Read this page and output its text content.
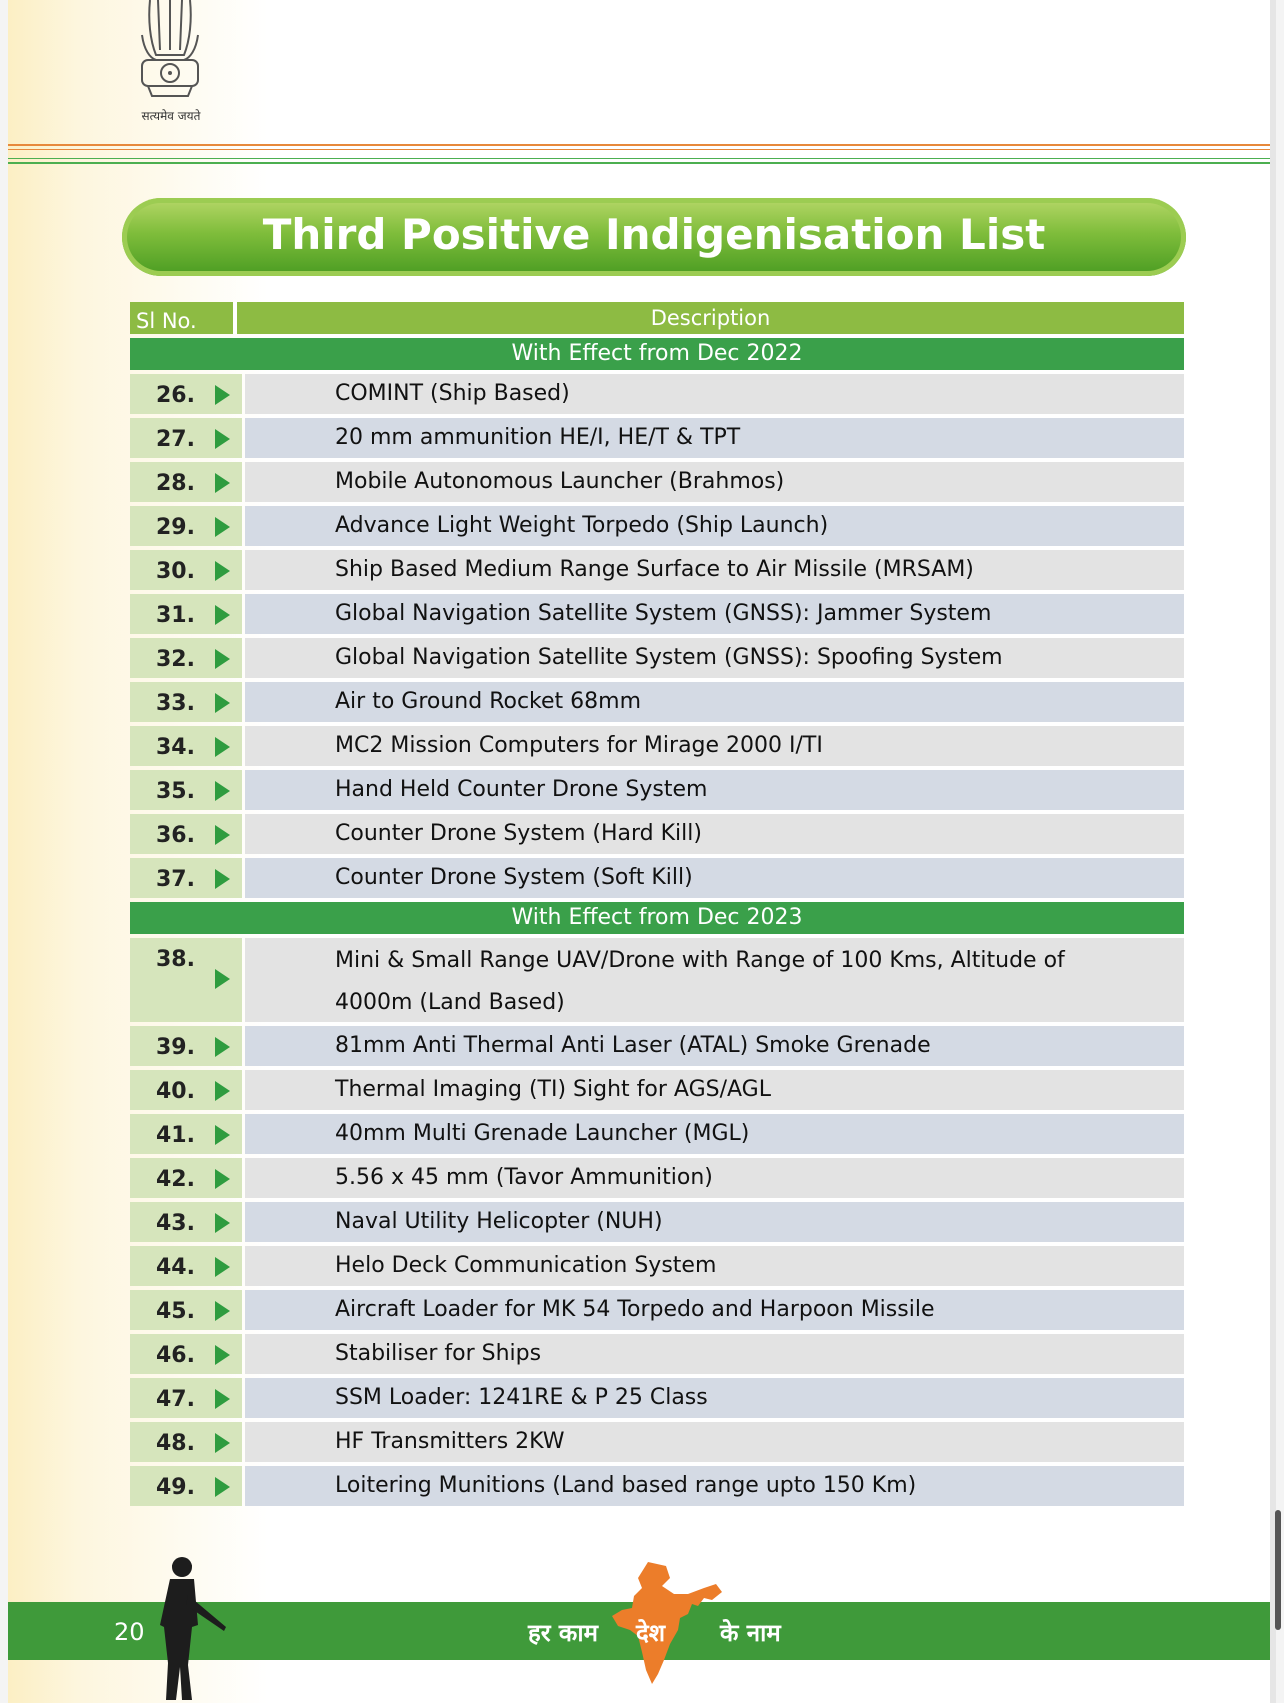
सत्यमेव जयते
Third Positive Indigenisation List
Sl No.	Description
With Effect from Dec 2022
26.	COMINT (Ship Based)
27.	20 mm ammunition HE/I, HE/T & TPT
28.	Mobile Autonomous Launcher (Brahmos)
29.	Advance Light Weight Torpedo (Ship Launch)
30.	Ship Based Medium Range Surface to Air Missile (MRSAM)
31.	Global Navigation Satellite System (GNSS): Jammer System
32.	Global Navigation Satellite System (GNSS): Spoofing System
33.	Air to Ground Rocket 68mm
34.	MC2 Mission Computers for Mirage 2000 I/TI
35.	Hand Held Counter Drone System
36.	Counter Drone System (Hard Kill)
37.	Counter Drone System (Soft Kill)
With Effect from Dec 2023
38.	Mini & Small Range UAV/Drone with Range of 100 Kms, Altitude of
4000m (Land Based)
39.	81mm Anti Thermal Anti Laser (ATAL) Smoke Grenade
40.	Thermal Imaging (TI) Sight for AGS/AGL
41.	40mm Multi Grenade Launcher (MGL)
42.	5.56 x 45 mm (Tavor Ammunition)
43.	Naval Utility Helicopter (NUH)
44.	Helo Deck Communication System
45.	Aircraft Loader for MK 54 Torpedo and Harpoon Missile
46.	Stabiliser for Ships
47.	SSM Loader: 1241RE & P 25 Class
48.	HF Transmitters 2KW
49.	Loitering Munitions (Land based range upto 150 Km)
20	हर काम देश के नाम
